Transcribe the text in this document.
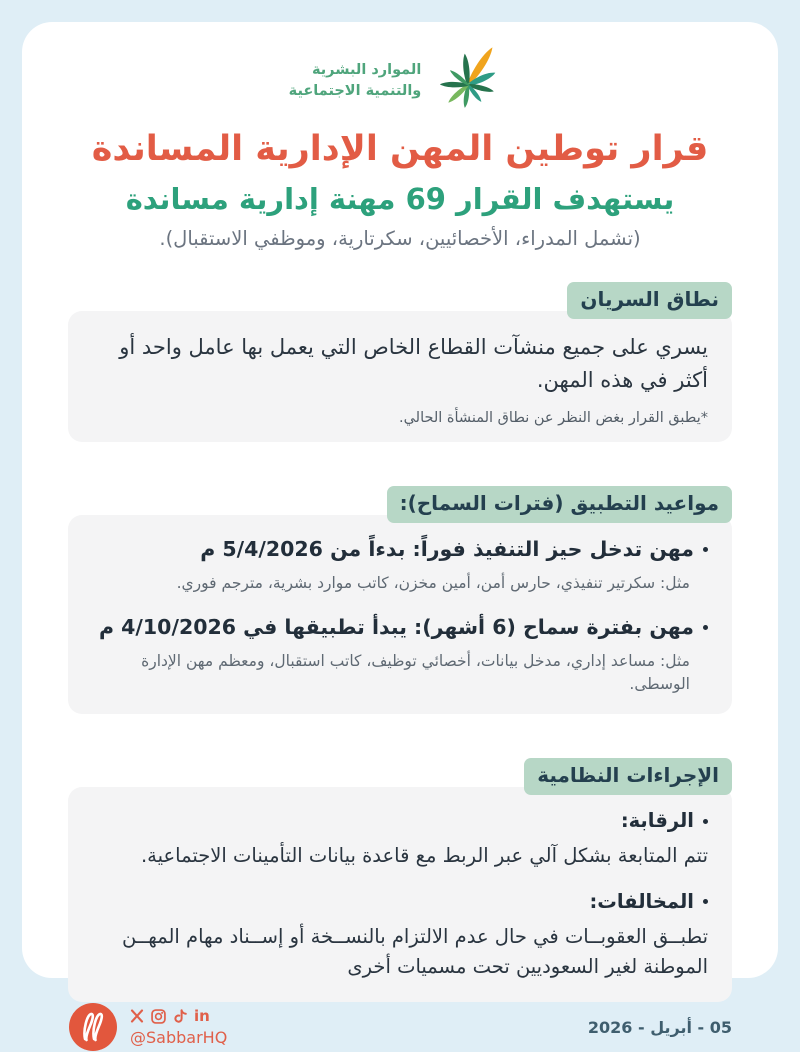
الموارد البشرية
والتنمية الاجتماعية
قرار توطين المهن الإدارية المساندة
يستهدف القرار 69 مهنة إدارية مساندة

(تشمل المدراء، الأخصائيين، سكرتارية، وموظفي الاستقبال).

نطاق السريان

يسري على جميع منشآت القطاع الخاص التي يعمل بها عامل واحد أو أكثر في هذه المهن.

*يطبق القرار بغض النظر عن نطاق المنشأة الحالي.

مواعيد التطبيق (فترات السماح):

مهن تدخل حيز التنفيذ فوراً: بدءاً من 5/4/2026 م

مثل: سكرتير تنفيذي، حارس أمن، أمين مخزن، كاتب موارد بشرية، مترجم فوري.

مهن بفترة سماح (6 أشهر): يبدأ تطبيقها في 4/10/2026 م

مثل: مساعد إداري، مدخل بيانات، أخصائي توظيف، كاتب استقبال، ومعظم مهن الإدارة الوسطى.

الإجراءات النظامية

الرقابة:

تتم المتابعة بشكل آلي عبر الربط مع قاعدة بيانات التأمينات الاجتماعية.

المخالفات:

تطبــق العقوبــات في حال عدم الالتزام بالنســخة أو إســناد مهام المهــن الموطنة لغير السعوديين تحت مسميات أخرى

in
@SabbarHQ
05 - أبريل - 2026
